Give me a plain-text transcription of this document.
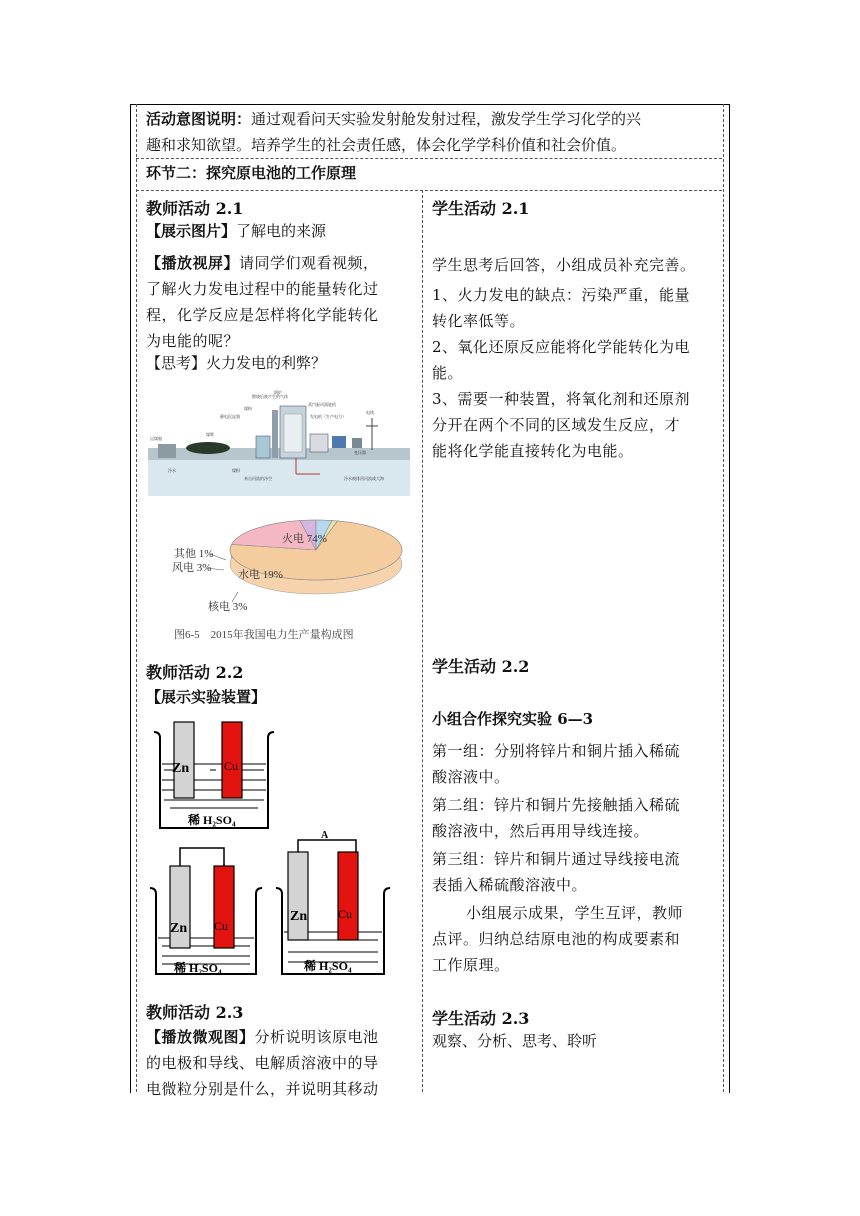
活动意图说明：通过观看问天实验发射舱发射过程，激发学生学习化学的兴
趣和求知欲望。培养学生的社会责任感，体会化学学科价值和社会价值。
环节二：探究原电池的工作原理
教师活动 2.1
【展示图片】了解电的来源
【播放视屏】请同学们观看视频，
了解火力发电过程中的能量转化过
程，化学反应是怎样将化学能转化
为电能的呢？
【思考】火力发电的利弊？
锅炉
煤粉
静电沉淀器
燃烧后废产生的气体
蒸汽驱动涡轮机
发电机（生产电力）
电线
变压器
运煤船
煤堆
冷水	煤粉
来自河流的冷空	冷水被排回河流或大海
火电 74%
水电 19%
核电 3%
风电 3%
其他 1%
图6-5　2015年我国电力生产量构成图
学生活动 2.1
学生思考后回答，小组成员补充完善。
1、火力发电的缺点：污染严重，能量
转化率低等。
2、氧化还原反应能将化学能转化为电
能。
3、需要一种装置，将氧化剂和还原剂
分开在两个不同的区域发生反应，才
能将化学能直接转化为电能。
教师活动 2.2
【展示实验装置】
Zn	Cu
稀 H₂SO₄
Zn Cu
稀 H₂SO₄
A
Zn	Cu
稀 H₂SO₄
学生活动 2.2
小组合作探究实验 6—3
第一组：分别将锌片和铜片插入稀硫
酸溶液中。
第二组：锌片和铜片先接触插入稀硫
酸溶液中，然后再用导线连接。
第三组：锌片和铜片通过导线接电流
表插入稀硫酸溶液中。
小组展示成果，学生互评，教师
点评。归纳总结原电池的构成要素和
工作原理。
教师活动 2.3
【播放微观图】分析说明该原电池
的电极和导线、电解质溶液中的导
电微粒分别是什么，并说明其移动
学生活动 2.3
观察、分析、思考、聆听
